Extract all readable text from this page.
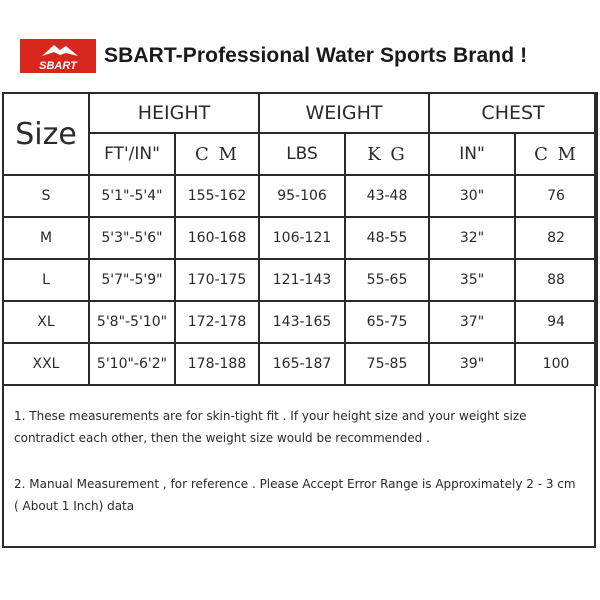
SBART SBART-Professional Water Sports Brand !
Size	HEIGHT		WEIGHT		CHEST	
	FT'/IN"	C M	LBS	K G	IN"	C M
S	5'1"-5'4"	155-162	95-106	43-48	30"	76
M	5'3"-5'6"	160-168	106-121	48-55	32"	82
L	5'7"-5'9"	170-175	121-143	55-65	35"	88
XL	5'8"-5'10"	172-178	143-165	65-75	37"	94
XXL	5'10"-6'2"	178-188	165-187	75-85	39"	100
1. These measurements are for skin-tight fit . If your height size and your weight size contradict each other, then the weight size would be recommended .
2. Manual Measurement , for reference . Please Accept Error Range is Approximately 2 - 3 cm ( About 1 Inch) data
